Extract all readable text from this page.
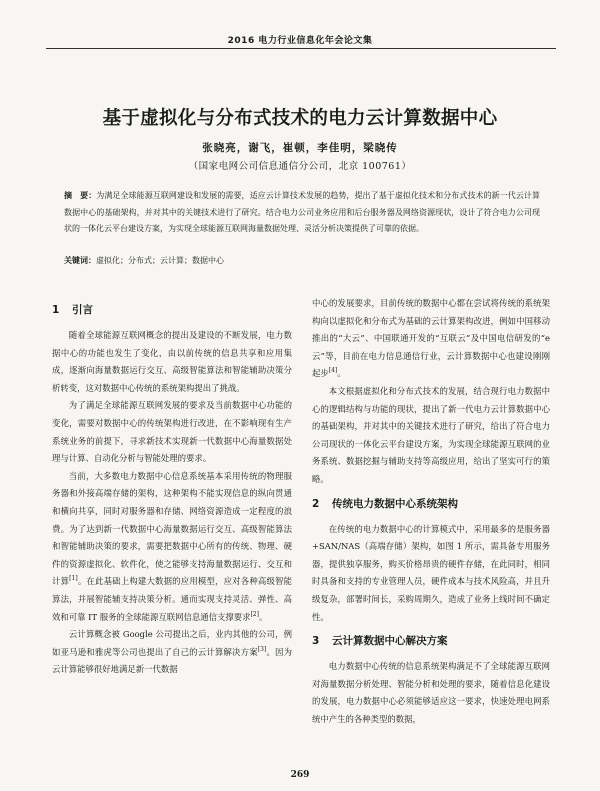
2016 电力行业信息化年会论文集
基于虚拟化与分布式技术的电力云计算数据中心
张晓亮，谢飞，崔顿，李佳明，梁晓传
（国家电网公司信息通信分公司，北京 100761）
摘　要：为满足全球能源互联网建设和发展的需要，适应云计算技术发展的趋势，提出了基于虚拟化技术和分布式技术的新一代云计算数据中心的基础架构，并对其中的关键技术进行了研究。结合电力公司业务应用和后台服务器及网络资源现状，设计了符合电力公司现状的一体化云平台建设方案，为实现全球能源互联网海量数据处理、灵活分析决策提供了可靠的依据。
关键词：虚拟化；分布式；云计算；数据中心
1 引言

随着全球能源互联网概念的提出及建设的不断发展，电力数据中心的功能也发生了变化，由以前传统的信息共享和应用集成，逐渐向海量数据运行交互、高级智能算法和智能辅助决策分析转变，这对数据中心传统的系统架构提出了挑战。

为了满足全球能源互联网发展的要求及当前数据中心功能的变化，需要对数据中心的传统架构进行改进，在不影响现有生产系统业务的前提下，寻求新技术实现新一代数据中心海量数据处理与计算、自动化分析与智能处理的要求。

当前，大多数电力数据中心信息系统基本采用传统的物理服务器和外接高端存储的架构，这种架构不能实现信息的纵向贯通和横向共享，同时对服务器和存储、网络资源造成一定程度的浪费。为了达到新一代数据中心海量数据运行交互、高级智能算法和智能辅助决策的要求，需要把数据中心所有的传统、物理、硬件的资源虚拟化、软件化，使之能够支持海量数据运行、交互和计算[1]。在此基础上构建大数据的应用模型，应对各种高级智能算法，并展智能辅支持决策分析。通而实现支持灵活、弹性、高效和可靠 IT 服务的全球能源互联网信息通信支撑要求[2]。

云计算概念被 Google 公司提出之后，业内其他的公司，例如亚马逊和雅虎等公司也提出了自己的云计算解决方案[3]。因为云计算能够很好地满足新一代数据

中心的发展要求，目前传统的数据中心都在尝试将传统的系统架构向以虚拟化和分布式为基础的云计算架构改进，例如中国移动推出的“大云”、中国联通开发的“互联云”及中国电信研发的“e 云”等，目前在电力信息通信行业，云计算数据中心也建设刚刚起步[4]。

本文根据虚拟化和分布式技术的发展，结合现行电力数据中心的逻辑结构与功能的现状，提出了新一代电力云计算数据中心的基础架构，并对其中的关键技术进行了研究，给出了符合电力公司现状的一体化云平台建设方案，为实现全球能源互联网的业务系统、数据挖掘与辅助支持等高级应用，给出了坚实可行的策略。

2 传统电力数据中心系统架构

在传统的电力数据中心的计算模式中，采用最多的是服务器 +SAN/NAS（高端存储）架构，如图 1 所示，需具备专用服务器，提供独享服务，购买价格昂贵的硬件存储，在此同时，相同时具备和支持的专业管理人员，硬件成本与技术风险高，并且升级复杂，部署时间长，采购周期久，造成了业务上线时间不确定性。

3 云计算数据中心解决方案

电力数据中心传统的信息系统架构满足不了全球能源互联网对海量数据分析处理、智能分析和处理的要求，随着信息化建设的发展，电力数据中心必须能够适应这一要求，快速处理电网系统中产生的各种类型的数据，

269
